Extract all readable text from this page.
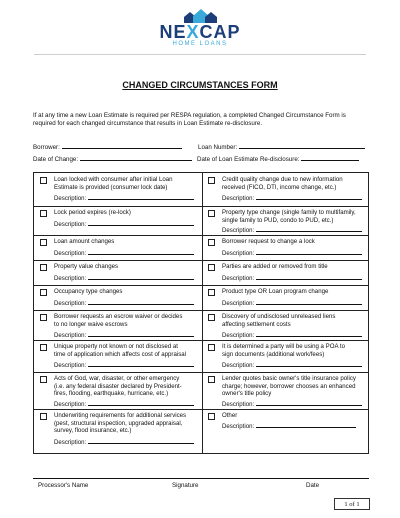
NEXCAP
HOME LOANS
CHANGED CIRCUMSTANCES FORM
If at any time a new Loan Estimate is required per RESPA regulation, a completed Changed Circumstance Form is required for each changed circumstance that results in Loan Estimate re-disclosure.
Borrower:	Loan Number:
Date of Change:	Date of Loan Estimate Re-disclosure:
Loan locked with consumer after initial Loan
Estimate is provided (consumer lock date)
Description:
Credit quality change due to new information
received (FICO, DTI, income change, etc.)
Description:
Lock period expires (re-lock)
Description:
Property type change (single family to multifamily,
single family to PUD, condo to PUD, etc.)
Description:
Loan amount changes
Description:
Borrower request to change a lock
Description:
Property value changes
Description:
Parties are added or removed from title
Description:
Occupancy type changes
Description:
Product type OR Loan program change
Description:
Borrower requests an escrow waiver or decides
to no longer waive escrows
Description:
Discovery of undisclosed unreleased liens
affecting settlement costs
Description:
Unique property not known or not disclosed at
time of application which affects cost of appraisal
Description:
It is determined a party will be using a POA to
sign documents (additional work/fees)
Description:
Acts of God, war, disaster, or other emergency
(i.e. any federal disaster declared by President-
fires, flooding, earthquake, hurricane, etc.)
Description:
Lender quotes basic owner's title insurance policy
charge; however, borrower chooses an enhanced
owner's title policy
Description:
Underwriting requirements for additional services
(pest, structural inspection, upgraded appraisal,
survey, flood insurance, etc.)
Description:
Other
Description:
Processor's Name	Signature	Date
1 of 1
